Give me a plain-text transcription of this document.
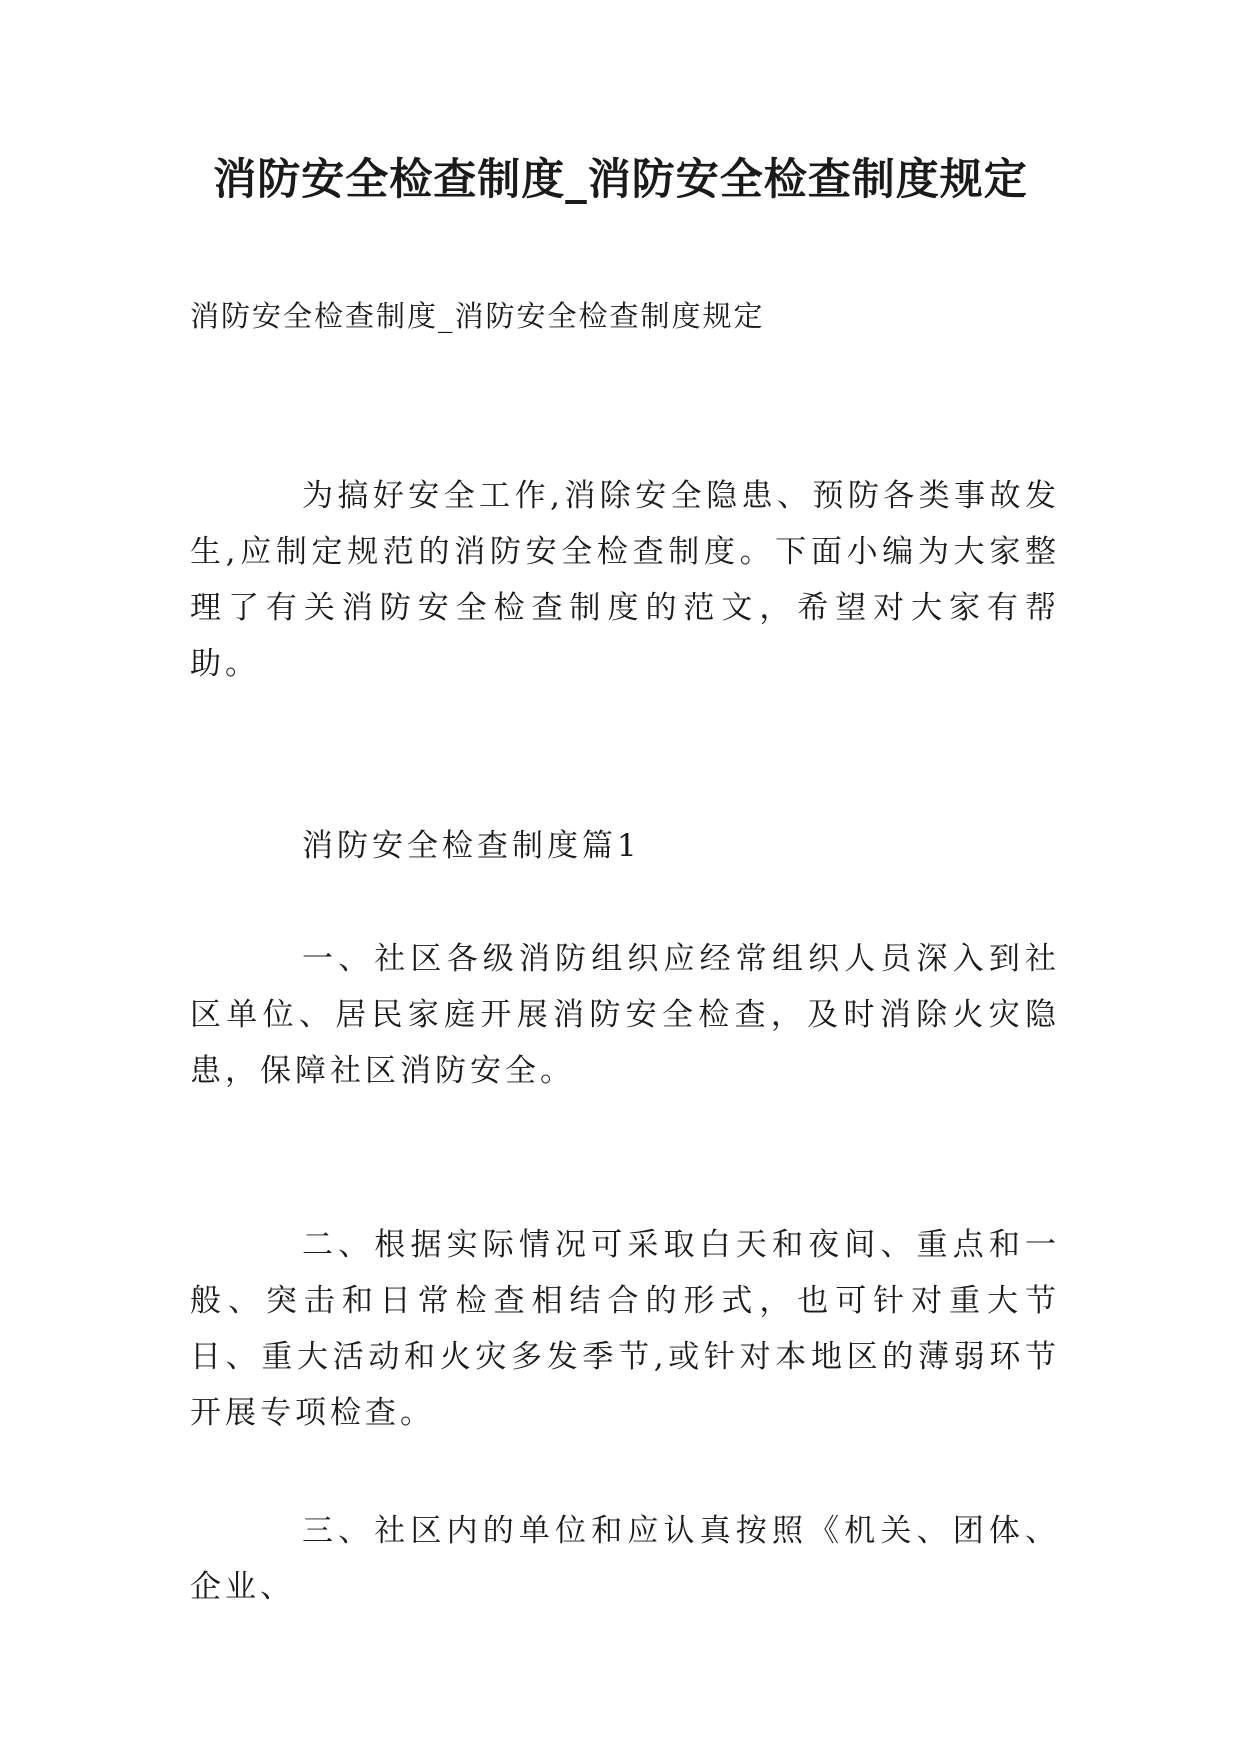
消防安全检查制度_消防安全检查制度规定

消防安全检查制度_消防安全检查制度规定

为搞好安全工作,消除安全隐患、预防各类事故发生,应制定规范的消防安全检查制度。下面小编为大家整理了有关消防安全检查制度的范文，希望对大家有帮助。

消防安全检查制度篇1

一、社区各级消防组织应经常组织人员深入到社区单位、居民家庭开展消防安全检查，及时消除火灾隐患，保障社区消防安全。

二、根据实际情况可采取白天和夜间、重点和一般、突击和日常检查相结合的形式，也可针对重大节日、重大活动和火灾多发季节,或针对本地区的薄弱环节开展专项检查。

三、社区内的单位和应认真按照《机关、团体、企业、
